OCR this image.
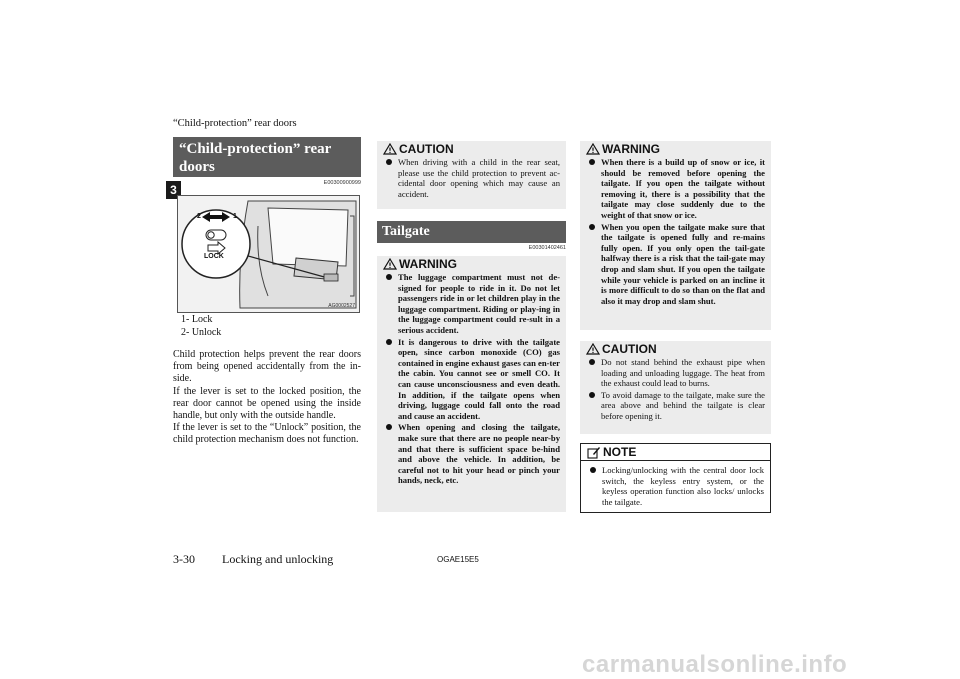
“Child-protection” rear doors
3
“Child-protection” rear doors
E00300900999
2	1
LOCK
AG0002527
1- Lock
2- Unlock

Child protection helps prevent the rear doors from being opened accidentally from the in-side.

If the lever is set to the locked position, the rear door cannot be opened using the inside handle, but only with the outside handle.

If the lever is set to the “Unlock” position, the child protection mechanism does not function.

CAUTION
When driving with a child in the rear seat, please use the child protection to prevent ac-cidental door opening which may cause an accident.
Tailgate
E00301402461
WARNING
The luggage compartment must not de-signed for people to ride in it. Do not let passengers ride in or let children play in the luggage compartment. Riding or play-ing in the luggage compartment could re-sult in a serious accident.
It is dangerous to drive with the tailgate open, since carbon monoxide (CO) gas contained in engine exhaust gases can en-ter the cabin. You cannot see or smell CO. It can cause unconsciousness and even death. In addition, if the tailgate opens when driving, luggage could fall onto the road and cause an accident.
When opening and closing the tailgate, make sure that there are no people near-by and that there is sufficient space be-hind and above the vehicle. In addition, be careful not to hit your head or pinch your hands, neck, etc.
WARNING
When there is a build up of snow or ice, it should be removed before opening the tailgate. If you open the tailgate without removing it, there is a possibility that the tailgate may close suddenly due to the weight of that snow or ice.
When you open the tailgate make sure that the tailgate is opened fully and re-mains fully open. If you only open the tail-gate halfway there is a risk that the tail-gate may drop and slam shut. If you open the tailgate while your vehicle is parked on an incline it is more difficult to do so than on the flat and also it may drop and slam shut.
CAUTION
Do not stand behind the exhaust pipe when loading and unloading luggage. The heat from the exhaust could lead to burns.
To avoid damage to the tailgate, make sure the area above and behind the tailgate is clear before opening it.
NOTE
Locking/unlocking with the central door lock switch, the keyless entry system, or the keyless operation function also locks/ unlocks the tailgate.
3-30 Locking and unlocking	OGAE15E5
carmanualsonline.info
